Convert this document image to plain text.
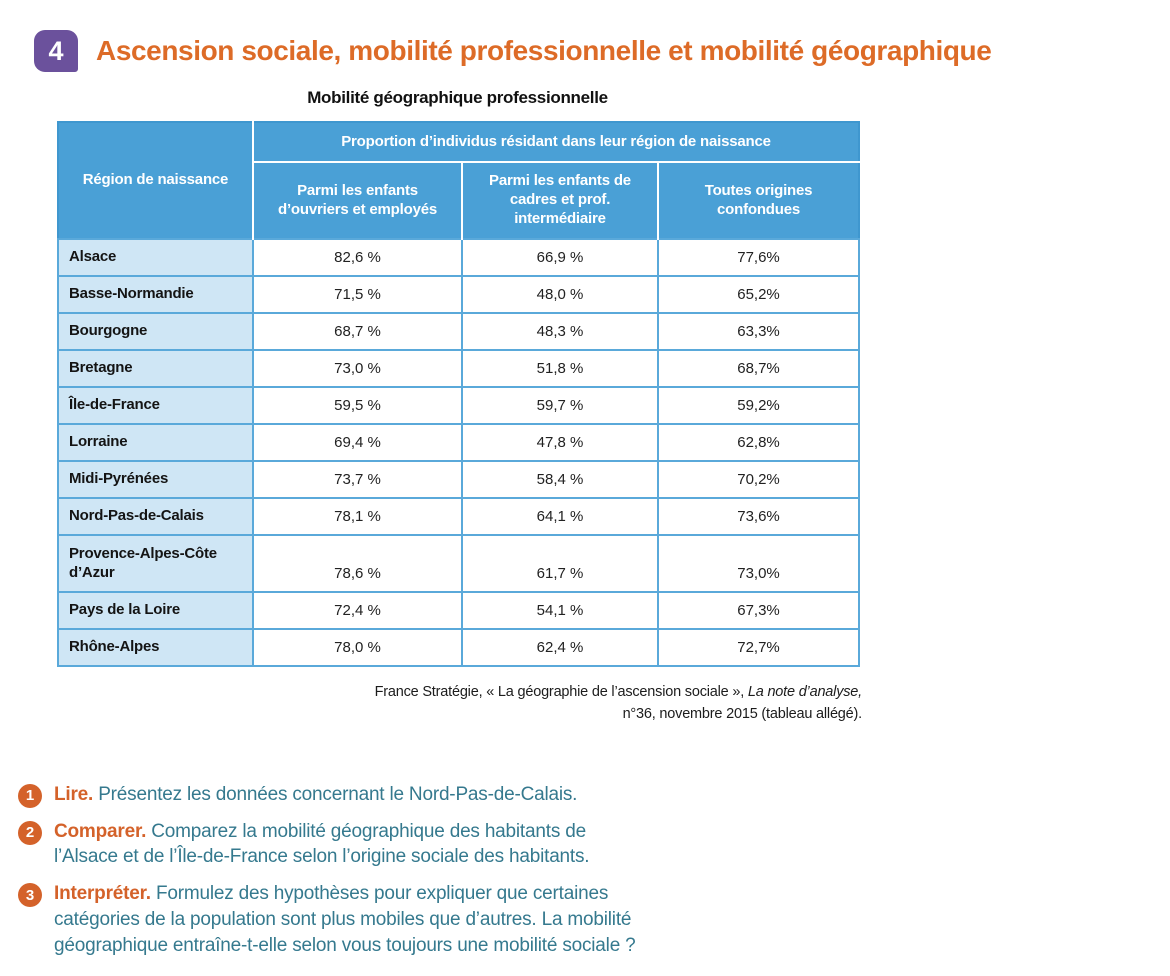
4	Ascension sociale, mobilité professionnelle et mobilité géographique
Mobilité géographique professionnelle
Région de naissance	Proportion d’individus résidant dans leur région de naissance		
	Parmi les enfants d’ouvriers et employés	Parmi les enfants de cadres et prof. intermédiaire	Toutes origines confondues
Alsace	82,6 %	66,9 %	77,6%
Basse-Normandie	71,5 %	48,0 %	65,2%
Bourgogne	68,7 %	48,3 %	63,3%
Bretagne	73,0 %	51,8 %	68,7%
Île-de-France	59,5 %	59,7 %	59,2%
Lorraine	69,4 %	47,8 %	62,8%
Midi-Pyrénées	73,7 %	58,4 %	70,2%
Nord-Pas-de-Calais	78,1 %	64,1 %	73,6%
Provence-Alpes-Côte d’Azur	78,6 %	61,7 %	73,0%
Pays de la Loire	72,4 %	54,1 %	67,3%
Rhône-Alpes	78,0 %	62,4 %	72,7%
France Stratégie, « La géographie de l’ascension sociale », La note d’analyse,
n°36, novembre 2015 (tableau allégé).
1	Lire. Présentez les données concernant le Nord-Pas-de-Calais.
2	Comparer. Comparez la mobilité géographique des habitants de l’Alsace et de l’Île-de-France selon l’origine sociale des habitants.
3	Interpréter. Formulez des hypothèses pour expliquer que certaines catégories de la population sont plus mobiles que d’autres. La mobilité géographique entraîne-t-elle selon vous toujours une mobilité sociale ?
